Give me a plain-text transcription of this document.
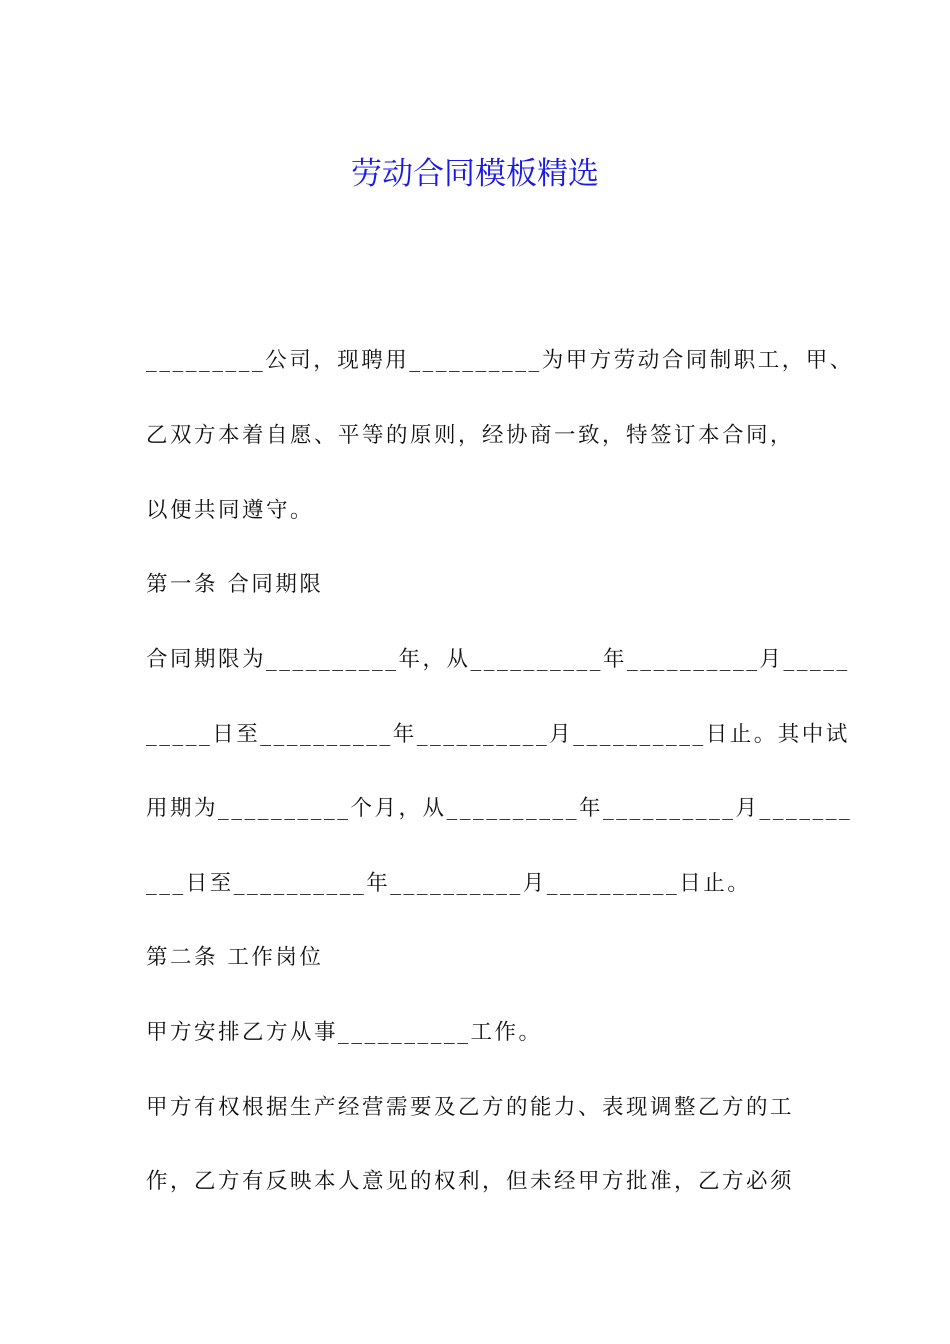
劳动合同模板精选
_________公司，现聘用__________为甲方劳动合同制职工，甲、
乙双方本着自愿、平等的原则，经协商一致，特签订本合同，
以便共同遵守。
第一条 合同期限
合同期限为__________年，从__________年__________月_____
_____日至__________年__________月__________日止。其中试
用期为__________个月，从__________年__________月_______
___日至__________年__________月__________日止。
第二条 工作岗位
甲方安排乙方从事__________工作。
甲方有权根据生产经营需要及乙方的能力、表现调整乙方的工
作，乙方有反映本人意见的权利，但未经甲方批准，乙方必须
